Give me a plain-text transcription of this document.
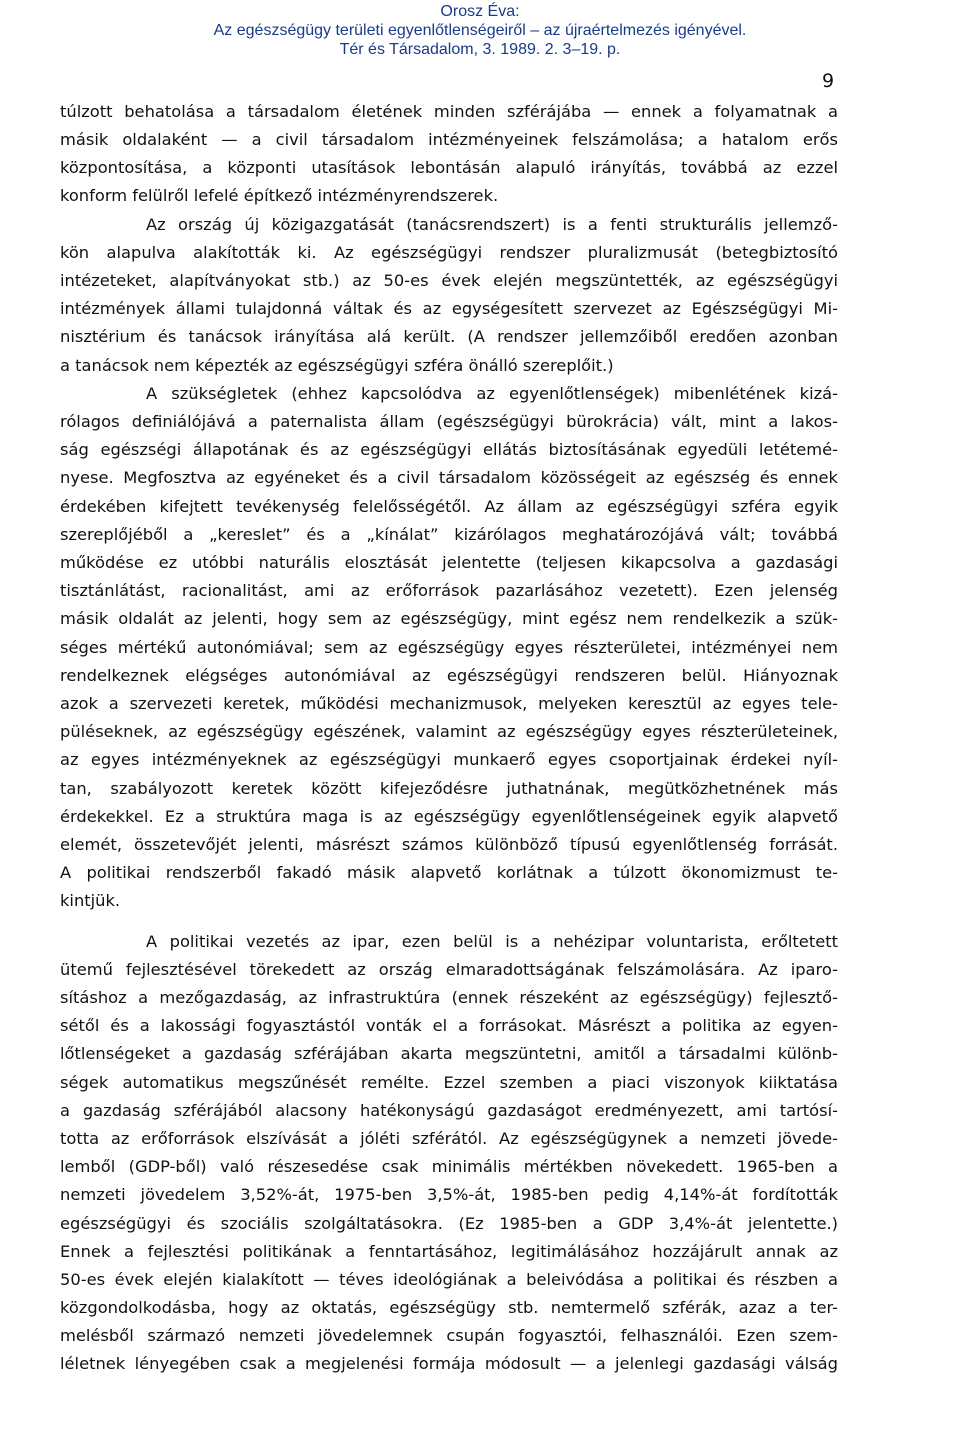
Orosz Éva:
Az egészségügy területi egyenlőtlenségeiről – az újraértelmezés igényével.
Tér és Társadalom, 3. 1989. 2. 3–19. p.
9
túlzott behatolása a társadalom életének minden szférájába — ennek a folyamatnak a
másik oldalaként — a civil társadalom intézményeinek felszámolása; a hatalom erős
központosítása, a központi utasítások lebontásán alapuló irányítás, továbbá az ezzel
konform felülről lefelé építkező intézményrendszerek.
Az ország új közigazgatását (tanácsrendszert) is a fenti strukturális jellemző-
kön alapulva alakították ki. Az egészségügyi rendszer pluralizmusát (betegbiztosító
intézeteket, alapítványokat stb.) az 50-es évek elején megszüntették, az egészségügyi
intézmények állami tulajdonná váltak és az egységesített szervezet az Egészségügyi Mi-
nisztérium és tanácsok irányítása alá került. (A rendszer jellemzőiből eredően azonban
a tanácsok nem képezték az egészségügyi szféra önálló szereplőit.)
A szükségletek (ehhez kapcsolódva az egyenlőtlenségek) mibenlétének kizá-
rólagos definiálójává a paternalista állam (egészségügyi bürokrácia) vált, mint a lakos-
ság egészségi állapotának és az egészségügyi ellátás biztosításának egyedüli letétemé-
nyese. Megfosztva az egyéneket és a civil társadalom közösségeit az egészség és ennek
érdekében kifejtett tevékenység felelősségétől. Az állam az egészségügyi szféra egyik
szereplőjéből a „kereslet” és a „kínálat” kizárólagos meghatározójává vált; továbbá
működése ez utóbbi naturális elosztását jelentette (teljesen kikapcsolva a gazdasági
tisztánlátást, racionalitást, ami az erőforrások pazarlásához vezetett). Ezen jelenség
másik oldalát az jelenti, hogy sem az egészségügy, mint egész nem rendelkezik a szük-
séges mértékű autonómiával; sem az egészségügy egyes részterületei, intézményei nem
rendelkeznek elégséges autonómiával az egészségügyi rendszeren belül. Hiányoznak
azok a szervezeti keretek, működési mechanizmusok, melyeken keresztül az egyes tele-
püléseknek, az egészségügy egészének, valamint az egészségügy egyes részterületeinek,
az egyes intézményeknek az egészségügyi munkaerő egyes csoportjainak érdekei nyíl-
tan, szabályozott keretek között kifejeződésre juthatnának, megütközhetnének más
érdekekkel. Ez a struktúra maga is az egészségügy egyenlőtlenségeinek egyik alapvető
elemét, összetevőjét jelenti, másrészt számos különböző típusú egyenlőtlenség forrását.
A politikai rendszerből fakadó másik alapvető korlátnak a túlzott ökonomizmust te-
kintjük.
A politikai vezetés az ipar, ezen belül is a nehézipar voluntarista, erőltetett
ütemű fejlesztésével törekedett az ország elmaradottságának felszámolására. Az iparo-
sításhoz a mezőgazdaság, az infrastruktúra (ennek részeként az egészségügy) fejlesztő-
sétől és a lakossági fogyasztástól vonták el a forrásokat. Másrészt a politika az egyen-
lőtlenségeket a gazdaság szférájában akarta megszüntetni, amitől a társadalmi különb-
ségek automatikus megszűnését remélte. Ezzel szemben a piaci viszonyok kiiktatása
a gazdaság szférájából alacsony hatékonyságú gazdaságot eredményezett, ami tartósí-
totta az erőforrások elszívását a jóléti szférától. Az egészségügynek a nemzeti jövede-
lemből (GDP-ből) való részesedése csak minimális mértékben növekedett. 1965-ben a
nemzeti jövedelem 3,52%-át, 1975-ben 3,5%-át, 1985-ben pedig 4,14%-át fordították
egészségügyi és szociális szolgáltatásokra. (Ez 1985-ben a GDP 3,4%-át jelentette.)
Ennek a fejlesztési politikának a fenntartásához, legitimálásához hozzájárult annak az
50-es évek elején kialakított — téves ideológiának a beleivódása a politikai és részben a
közgondolkodásba, hogy az oktatás, egészségügy stb. nemtermelő szférák, azaz a ter-
melésből származó nemzeti jövedelemnek csupán fogyasztói, felhasználói. Ezen szem-
léletnek lényegében csak a megjelenési formája módosult — a jelenlegi gazdasági válság
